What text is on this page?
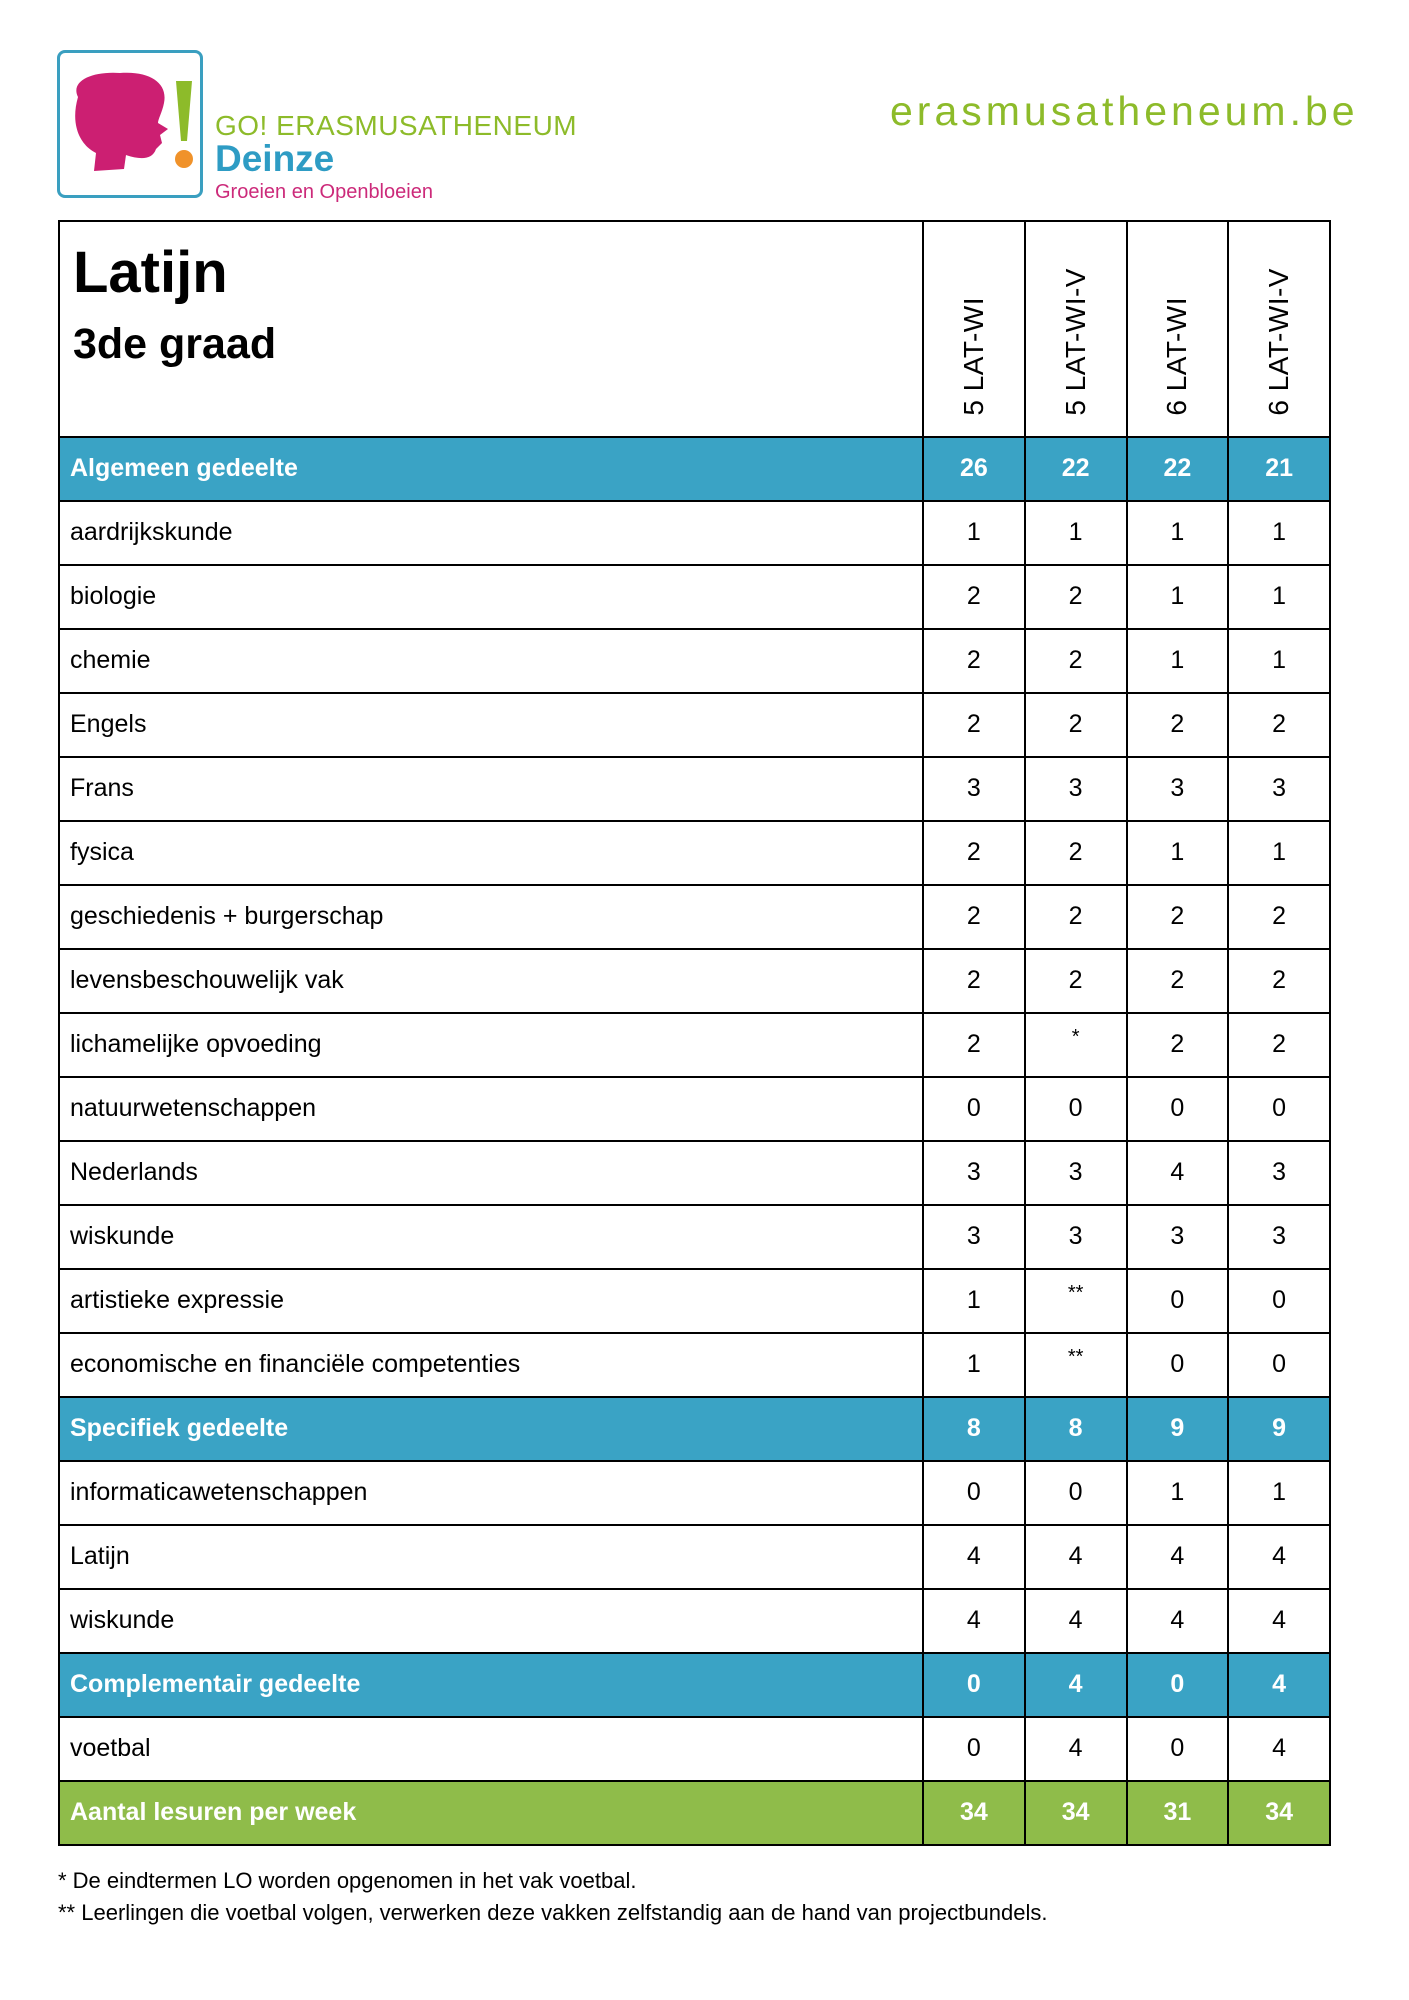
GO! ERASMUSATHENEUM
Deinze
Groeien en Openbloeien
erasmusatheneum.be
Latijn
3de graad	5 LAT-WI	5 LAT-WI-V	6 LAT-WI	6 LAT-WI-V

Algemeen gedeelte	26	22	22	21
aardrijkskunde	1	1	1	1
biologie	2	2	1	1
chemie	2	2	1	1
Engels	2	2	2	2
Frans	3	3	3	3
fysica	2	2	1	1
geschiedenis + burgerschap	2	2	2	2
levensbeschouwelijk vak	2	2	2	2
lichamelijke opvoeding	2	*	2	2
natuurwetenschappen	0	0	0	0
Nederlands	3	3	4	3
wiskunde	3	3	3	3
artistieke expressie	1	**	0	0
economische en financiële competenties	1	**	0	0
Specifiek gedeelte	8	8	9	9
informaticawetenschappen	0	0	1	1
Latijn	4	4	4	4
wiskunde	4	4	4	4
Complementair gedeelte	0	4	0	4
voetbal	0	4	0	4
Aantal lesuren per week	34	34	31	34
* De eindtermen LO worden opgenomen in het vak voetbal.
** Leerlingen die voetbal volgen, verwerken deze vakken zelfstandig aan de hand van projectbundels.
